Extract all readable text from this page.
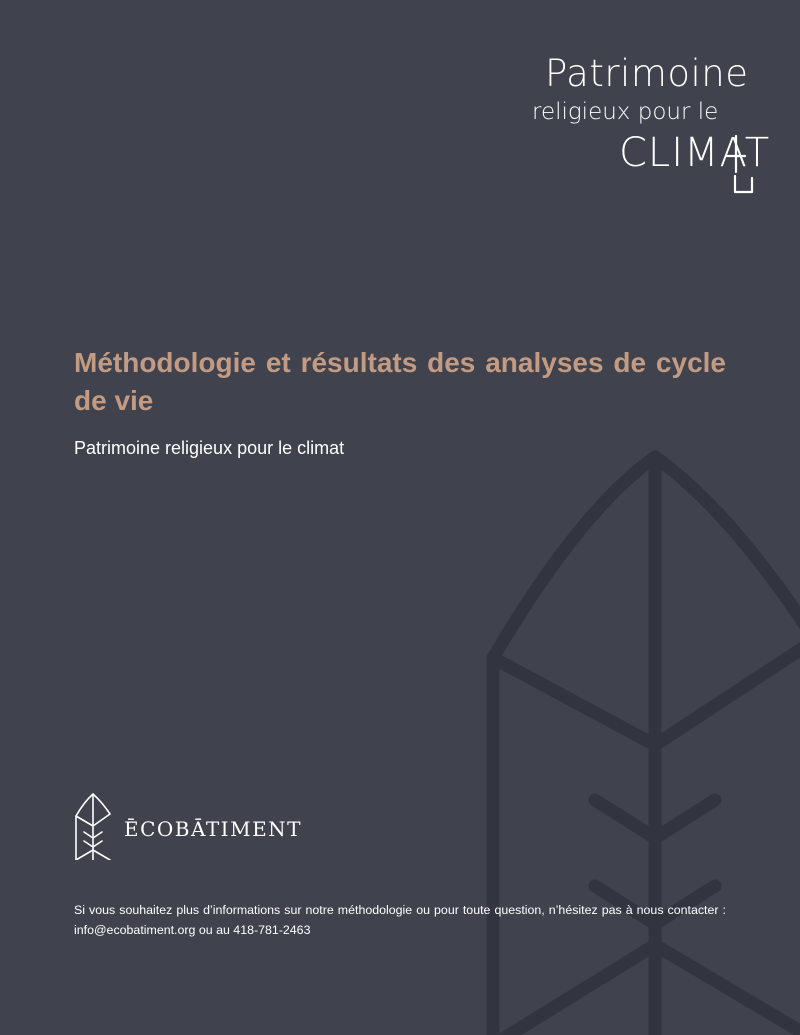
Patrimoine
religieux pour le
CLIMAT
Méthodologie et résultats des analyses de cycle de vie
Patrimoine religieux pour le climat
ĒCOBĀTIMENT

Si vous souhaitez plus d’informations sur notre méthodologie ou pour toute question, n’hésitez pas à nous contacter : info@ecobatiment.org ou au 418-781-2463
